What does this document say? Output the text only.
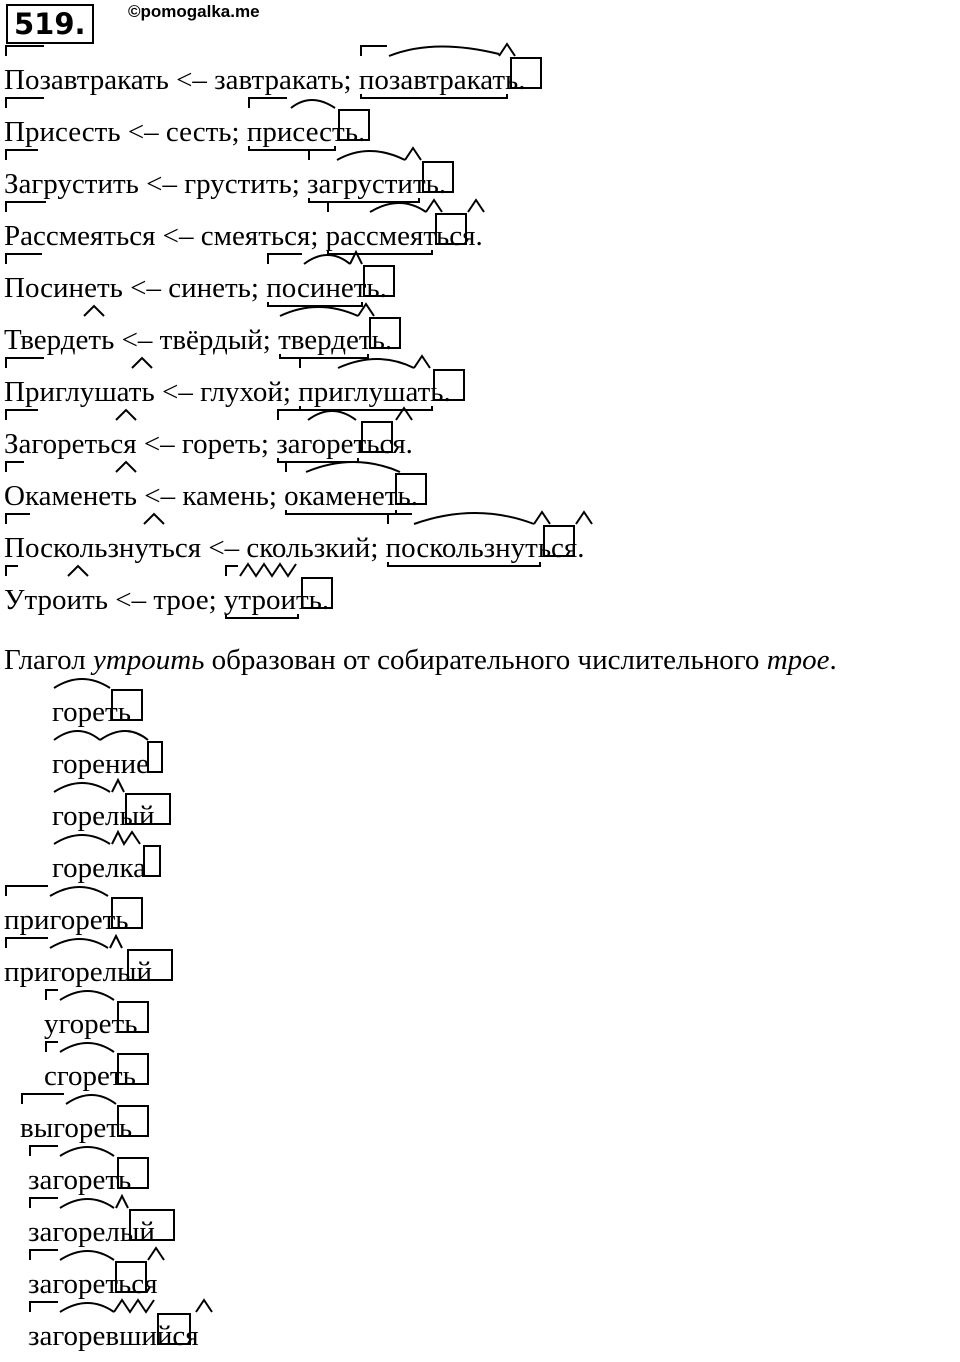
519.	©pomogalka.me
Позавтракать <– завтракать; позавтракать
.
Присесть <– сесть; присесть
.
Загрустить <– грустить; загрустить
.
Рассмеяться <– смеяться; рассмеяться
.
Посинеть <– синеть; посинеть
.
Твердеть <– твёрдый; твердеть
.
Приглушать <– глухой; приглушать
.
Загореться <– гореть; загореться
.
Окаменеть <– камень; окаменеть
.
Поскользнуться <– скользкий; поскользнуться
.
Утроить <– трое; утроить
.
Глагол утроить образован от собирательного числительного трое.
гореть
горение
горелый
горелка
пригореть
пригорелый
угореть
сгореть
выгореть
загореть
загорелый
загореться
загоревшийся
